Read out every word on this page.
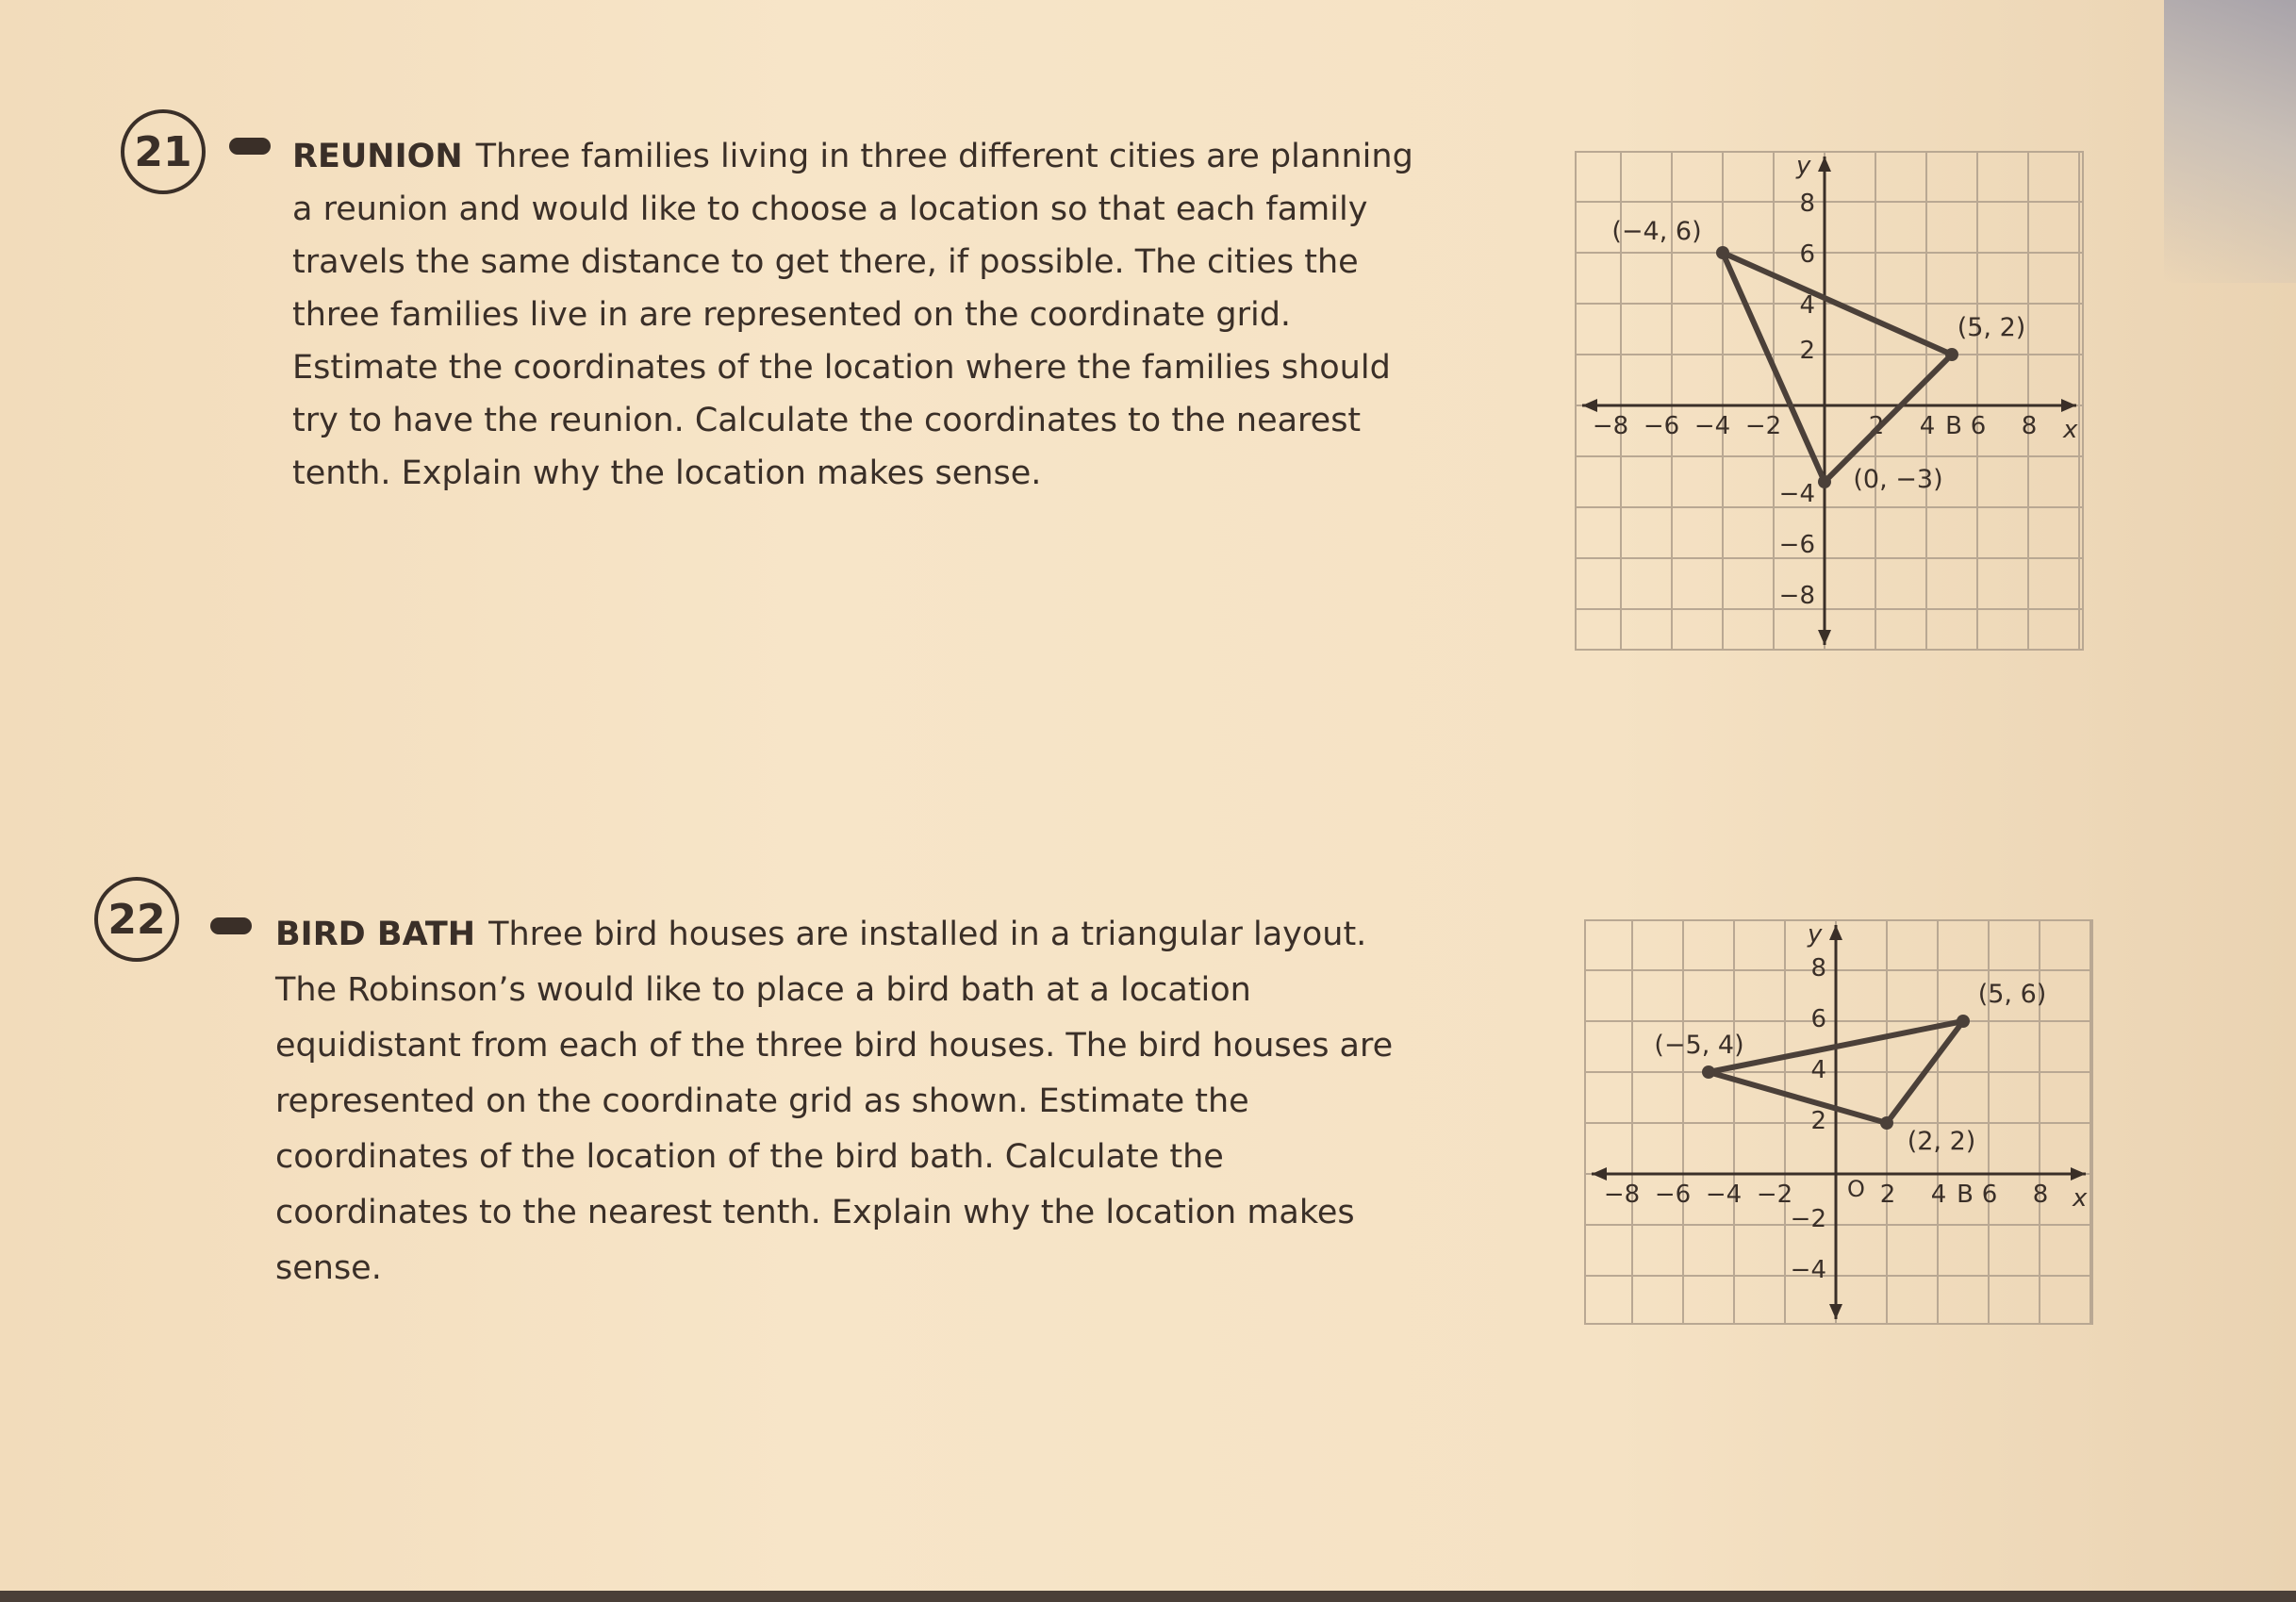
21	REUNION Three families living in three different cities are planning a reunion and would like to choose a location so that each family travels the same distance to get there, if possible. The cities the three families live in are represented on the coordinate grid. Estimate the coordinates of the location where the families should try to have the reunion. Calculate the coordinates to the nearest tenth. Explain why the location makes sense.
x
y
−8 −6 −4 −2	2 4 B 6 8
8
6
4
2
−4
−6
−8
(−4, 6)
(5, 2)
(0, −3)
22	BIRD BATH Three bird houses are installed in a triangular layout. The Robinson’s would like to place a bird bath at a location equidistant from each of the three bird houses. The bird houses are represented on the coordinate grid as shown. Estimate the coordinates of the location of the bird bath. Calculate the coordinates to the nearest tenth. Explain why the location makes sense.
x
y
−8 −6 −4 −2	2 4 B 6 8
8
6
4
2
−2
−4
O
(−5, 4)
(5, 6)
(2, 2)
